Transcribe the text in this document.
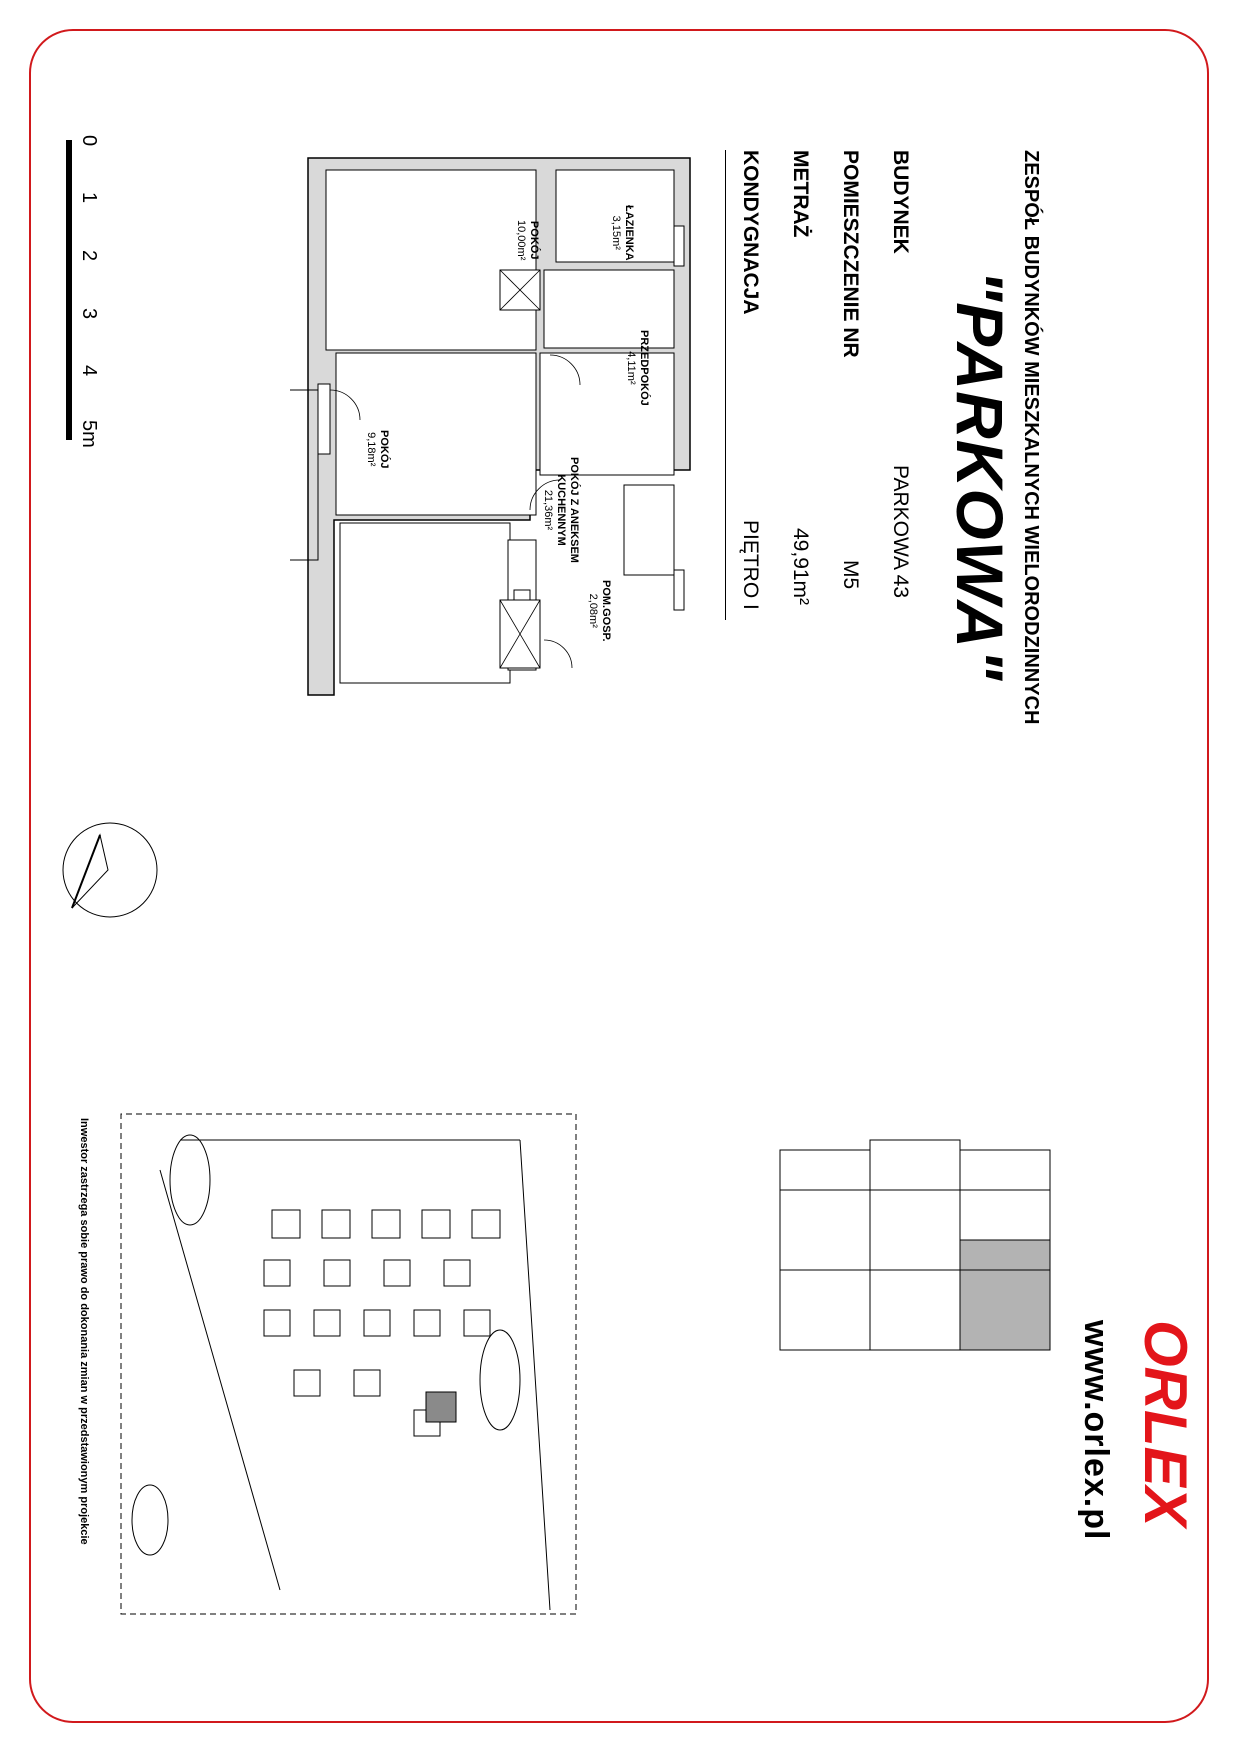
ZESPÓŁ BUDYNKÓW MIESZKALNYCH WIELORODZINNYCH
"PARKOWA"
BUDYNEK
PARKOWA 43
POMIESZCZENIE NR
M5
METRAŻ
49,91m²
KONDYGNACJA
PIĘTRO I
ŁAZIENKA
3,15m²
POKÓJ
10,00m²
PRZEDPOKÓJ
4,11m²
POKÓJ Z ANEKSEM KUCHENNYM
21,36m²
POKÓJ
9,18m²
POM.GOSP.
2,08m²
0
1
2
3
4
5m
ORLEX
www.orlex.pl
Inwestor zastrzega sobie prawo do dokonania zmian w przedstawionym projekcie
